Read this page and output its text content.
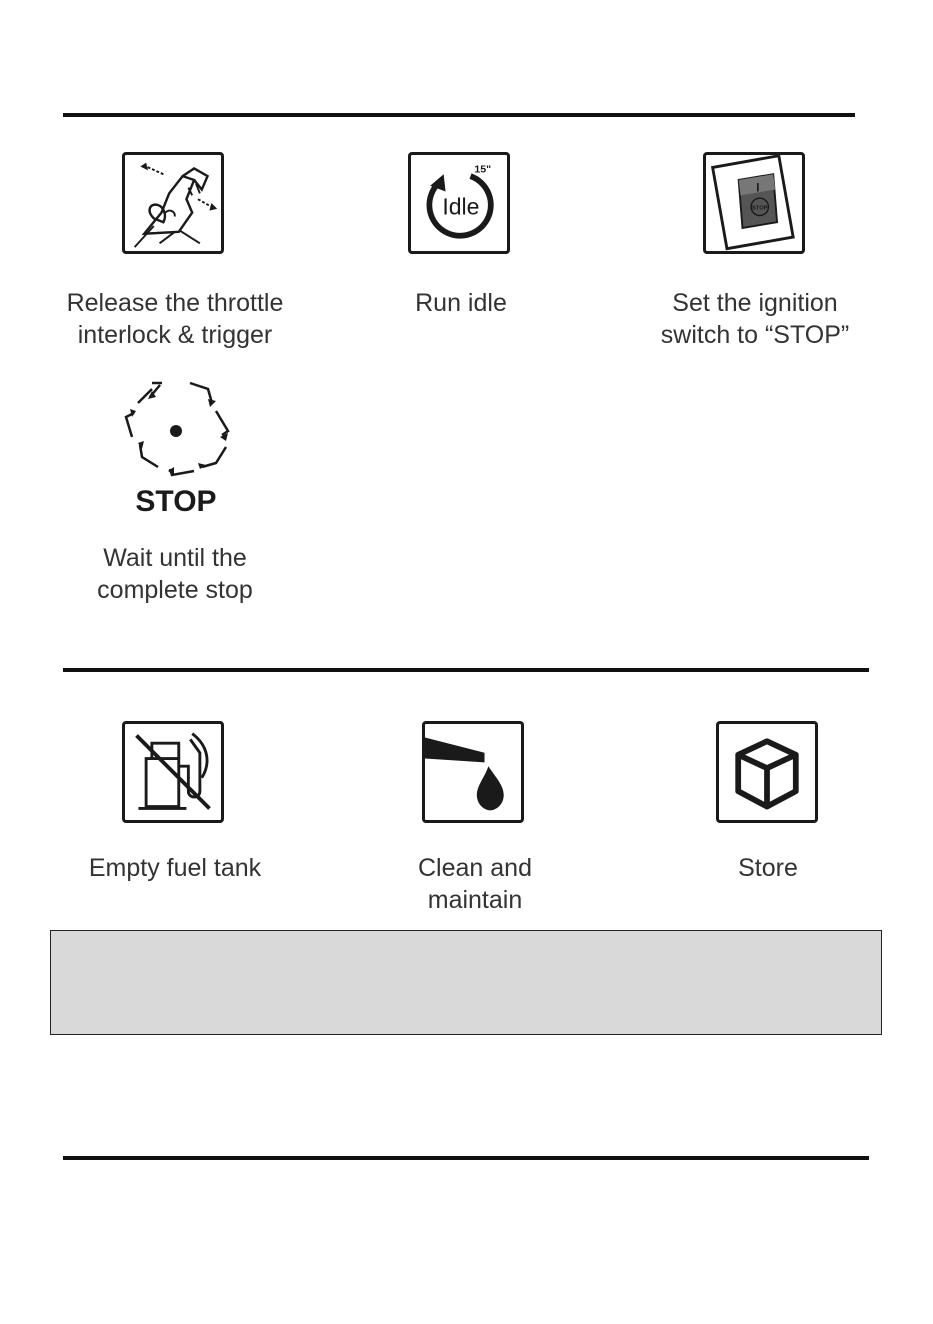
Release the throttle
interlock & trigger
Idle
15"
Run idle
I
STOP
Set the ignition
switch to “STOP”
STOP
Wait until the
complete stop
Empty fuel tank	Clean and
maintain
Store
